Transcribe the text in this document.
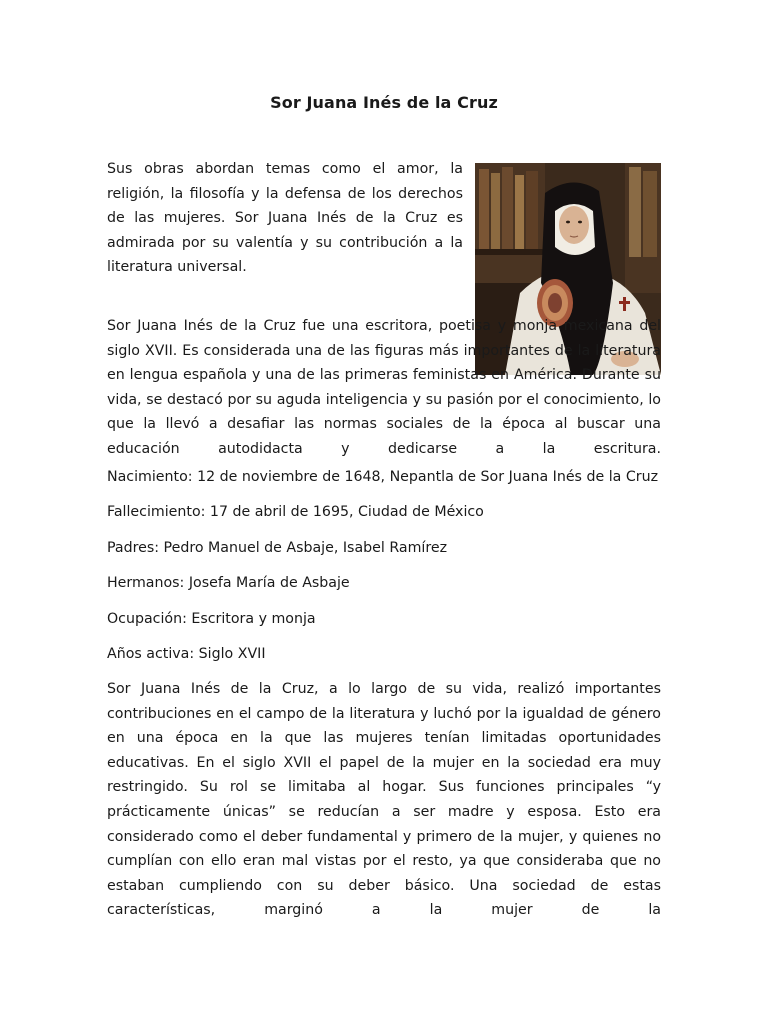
Sor Juana Inés de la Cruz

Sor Juana Inés de la Cruz fue una escritora, poetisa y monja mexicana del siglo XVII. Es considerada una de las figuras más importantes de la literatura en lengua española y una de las primeras feministas en América. Durante su vida, se destacó por su aguda inteligencia y su pasión por el conocimiento, lo que la llevó a desafiar las normas sociales de la época al buscar una educación autodidacta y dedicarse a la escritura.

Sus obras abordan temas como el amor, la religión, la filosofía y la defensa de los derechos de las mujeres. Sor Juana Inés de la Cruz es admirada por su valentía y su contribución a la literatura universal.

Nacimiento: 12 de noviembre de 1648, Nepantla de Sor Juana Inés de la Cruz

Fallecimiento: 17 de abril de 1695, Ciudad de México

Padres: Pedro Manuel de Asbaje, Isabel Ramírez

Hermanos: Josefa María de Asbaje

Ocupación: Escritora y monja

Años activa: Siglo XVII

Sor Juana Inés de la Cruz, a lo largo de su vida, realizó importantes contribuciones en el campo de la literatura y luchó por la igualdad de género en una época en la que las mujeres tenían limitadas oportunidades educativas. En el siglo XVII el papel de la mujer en la sociedad era muy restringido. Su rol se limitaba al hogar. Sus funciones principales “y prácticamente únicas” se reducían a ser madre y esposa. Esto era considerado como el deber fundamental y primero de la mujer, y quienes no cumplían con ello eran mal vistas por el resto, ya que consideraba que no estaban cumpliendo con su deber básico. Una sociedad de estas características, marginó a la mujer de la
